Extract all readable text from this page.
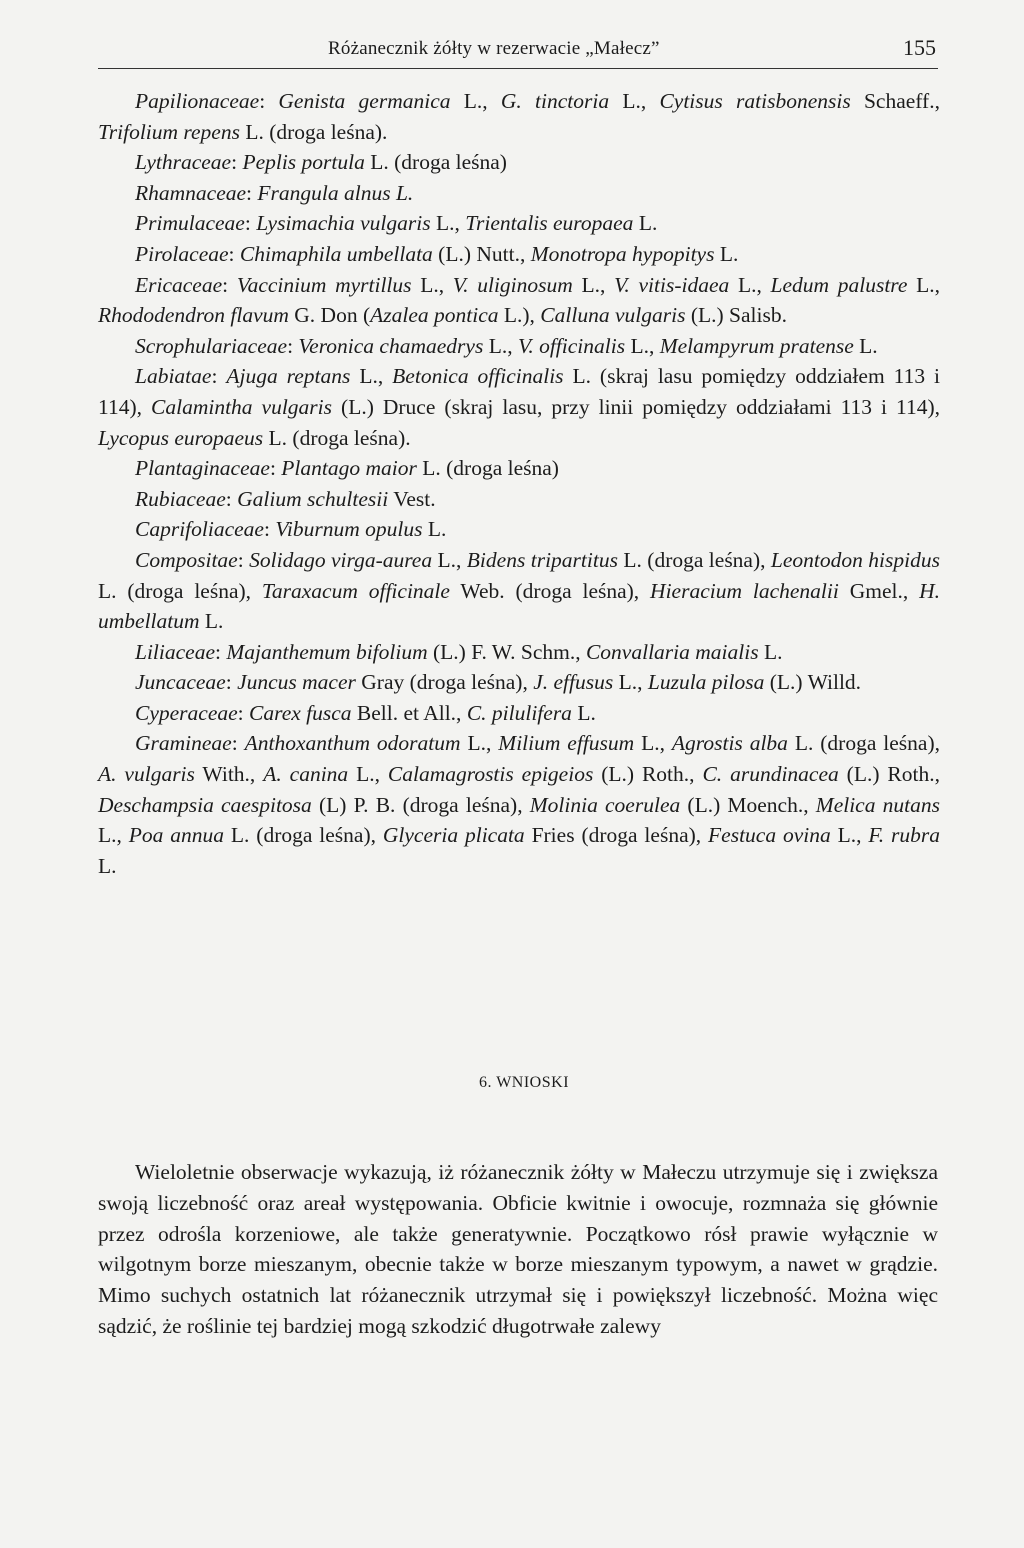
Różanecznik żółty w rezerwacie „Małecz”	155

Papilionaceae: Genista germanica L., G. tinctoria L., Cytisus ratisbonensis Schaeff., Trifolium repens L. (droga leśna).

Lythraceae: Peplis portula L. (droga leśna)

Rhamnaceae: Frangula alnus L.

Primulaceae: Lysimachia vulgaris L., Trientalis europaea L.

Pirolaceae: Chimaphila umbellata (L.) Nutt., Monotropa hypopitys L.

Ericaceae: Vaccinium myrtillus L., V. uliginosum L., V. vitis-idaea L., Ledum palustre L., Rhododendron flavum G. Don (Azalea pontica L.), Calluna vulgaris (L.) Salisb.

Scrophulariaceae: Veronica chamaedrys L., V. officinalis L., Melampyrum pratense L.

Labiatae: Ajuga reptans L., Betonica officinalis L. (skraj lasu pomiędzy oddziałem 113 i 114), Calamintha vulgaris (L.) Druce (skraj lasu, przy linii pomiędzy oddziałami 113 i 114), Lycopus europaeus L. (droga leśna).

Plantaginaceae: Plantago maior L. (droga leśna)

Rubiaceae: Galium schultesii Vest.

Caprifoliaceae: Viburnum opulus L.

Compositae: Solidago virga-aurea L., Bidens tripartitus L. (droga leśna), Leontodon hispidus L. (droga leśna), Taraxacum officinale Web. (droga leśna), Hieracium lachenalii Gmel., H. umbellatum L.

Liliaceae: Majanthemum bifolium (L.) F. W. Schm., Convallaria maialis L.

Juncaceae: Juncus macer Gray (droga leśna), J. effusus L., Luzula pilosa (L.) Willd.

Cyperaceae: Carex fusca Bell. et All., C. pilulifera L.

Gramineae: Anthoxanthum odoratum L., Milium effusum L., Agrostis alba L. (droga leśna), A. vulgaris With., A. canina L., Calamagrostis epigeios (L.) Roth., C. arundinacea (L.) Roth., Deschampsia caespitosa (L) P. B. (droga leśna), Molinia coerulea (L.) Moench., Melica nutans L., Poa annua L. (droga leśna), Glyceria plicata Fries (droga leśna), Festuca ovina L., F. rubra L.

6. WNIOSKI

Wieloletnie obserwacje wykazują, iż różanecznik żółty w Małeczu utrzymuje się i zwiększa swoją liczebność oraz areał występowania. Obficie kwitnie i owocuje, rozmnaża się głównie przez odrośla korzeniowe, ale także generatywnie. Początkowo rósł prawie wyłącznie w wilgotnym borze mieszanym, obecnie także w borze mieszanym typowym, a nawet w grądzie. Mimo suchych ostatnich lat różanecznik utrzymał się i powiększył liczebność. Można więc sądzić, że roślinie tej bardziej mogą szkodzić długotrwałe zalewy
